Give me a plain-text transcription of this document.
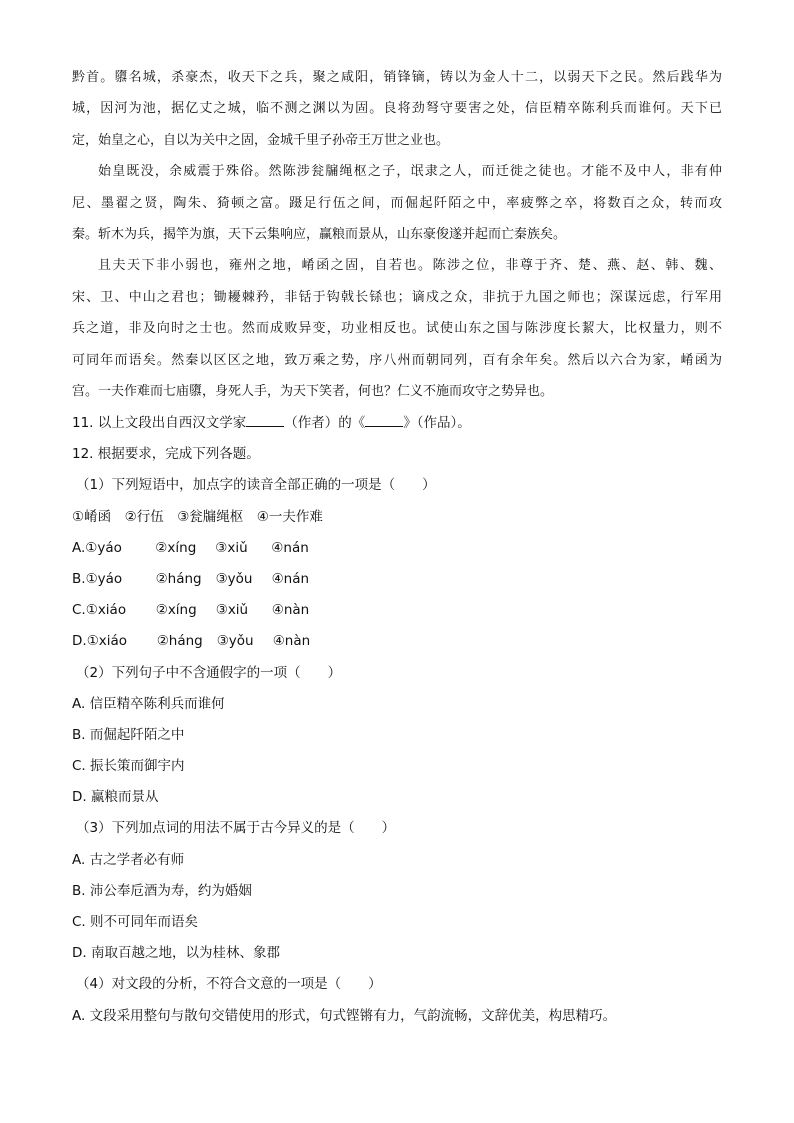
黔首。隳名城，杀豪杰，收天下之兵，聚之咸阳，销锋镝，铸以为金人十二，以弱天下之民。然后践华为
城，因河为池，据亿丈之城，临不测之渊以为固。良将劲弩守要害之处，信臣精卒陈利兵而谁何。天下已
定，始皇之心，自以为关中之固，金城千里子孙帝王万世之业也。
始皇既没，余威震于殊俗。然陈涉瓮牖绳枢之子，氓隶之人，而迁徙之徒也。才能不及中人，非有仲
尼、墨翟之贤，陶朱、猗顿之富。蹑足行伍之间，而倔起阡陌之中，率疲弊之卒，将数百之众，转而攻
秦。斩木为兵，揭竿为旗，天下云集响应，赢粮而景从，山东豪俊遂并起而亡秦族矣。
且夫天下非小弱也，雍州之地，崤函之固，自若也。陈涉之位，非尊于齐、楚、燕、赵、韩、魏、
宋、卫、中山之君也；锄耰棘矜，非铦于钩戟长铩也；谪戍之众，非抗于九国之师也；深谋远虑，行军用
兵之道，非及向时之士也。然而成败异变，功业相反也。试使山东之国与陈涉度长絜大，比权量力，则不
可同年而语矣。然秦以区区之地，致万乘之势，序八州而朝同列，百有余年矣。然后以六合为家，崤函为
宫。一夫作难而七庙隳，身死人手，为天下笑者，何也？仁义不施而攻守之势异也。
11. 以上文段出自西汉文学家	（作者）的《	》（作品）。
12. 根据要求，完成下列各题。
（1）下列短语中，加点字的读音全部正确的一项是（　　）
①崤函　②行伍　③瓮牖绳枢　④一夫作难
A.①yáo ②xíng ③xiǔ ④nán
B.①yáo ②háng ③yǒu ④nán
C.①xiáo ②xíng ③xiǔ ④nàn
D.①xiáo ②háng ③yǒu ④nàn
（2）下列句子中不含通假字的一项（　　）
A. 信臣精卒陈利兵而谁何
B. 而倔起阡陌之中
C. 振长策而御宇内
D. 赢粮而景从
（3）下列加点词的用法不属于古今异义的是（　　）
A. 古之学者必有师
B. 沛公奉卮酒为寿，约为婚姻
C. 则不可同年而语矣
D. 南取百越之地，以为桂林、象郡
（4）对文段的分析，不符合文意的一项是（　　）
A. 文段采用整句与散句交错使用的形式，句式铿锵有力，气韵流畅，文辞优美，构思精巧。
